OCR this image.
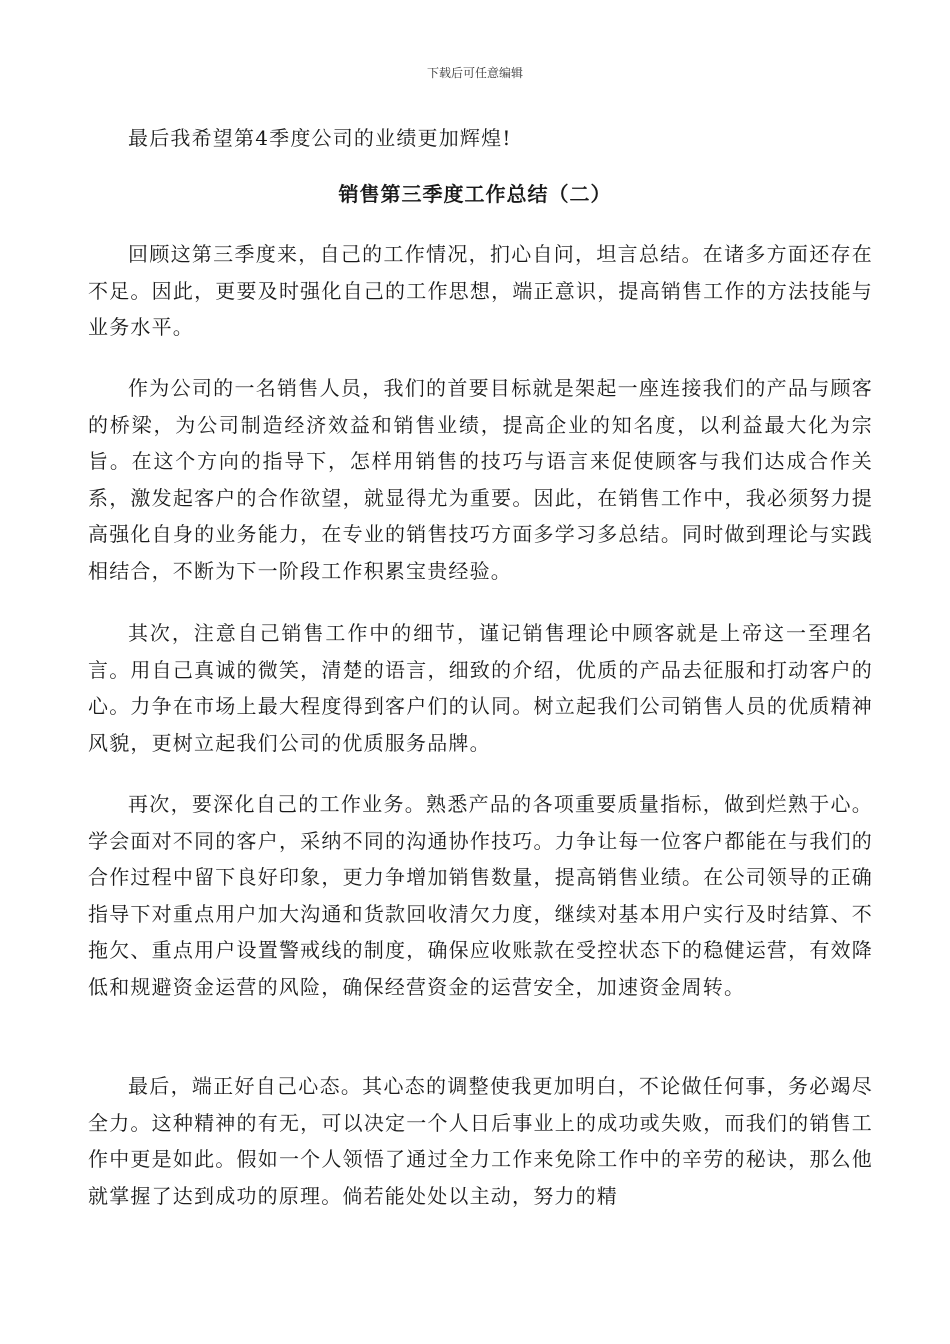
下载后可任意编辑

最后我希望第4季度公司的业绩更加辉煌!

销售第三季度工作总结（二）

回顾这第三季度来，自己的工作情况，扪心自问，坦言总结。在诸多方面还存在不足。因此，更要及时强化自己的工作思想，端正意识，提高销售工作的方法技能与业务水平。

作为公司的一名销售人员，我们的首要目标就是架起一座连接我们的产品与顾客的桥梁，为公司制造经济效益和销售业绩，提高企业的知名度，以利益最大化为宗旨。在这个方向的指导下，怎样用销售的技巧与语言来促使顾客与我们达成合作关系，激发起客户的合作欲望，就显得尤为重要。因此，在销售工作中，我必须努力提高强化自身的业务能力，在专业的销售技巧方面多学习多总结。同时做到理论与实践相结合，不断为下一阶段工作积累宝贵经验。

其次，注意自己销售工作中的细节，谨记销售理论中顾客就是上帝这一至理名言。用自己真诚的微笑，清楚的语言，细致的介绍，优质的产品去征服和打动客户的心。力争在市场上最大程度得到客户们的认同。树立起我们公司销售人员的优质精神风貌，更树立起我们公司的优质服务品牌。

再次，要深化自己的工作业务。熟悉产品的各项重要质量指标，做到烂熟于心。学会面对不同的客户，采纳不同的沟通协作技巧。力争让每一位客户都能在与我们的合作过程中留下良好印象，更力争增加销售数量，提高销售业绩。在公司领导的正确指导下对重点用户加大沟通和货款回收清欠力度，继续对基本用户实行及时结算、不拖欠、重点用户设置警戒线的制度，确保应收账款在受控状态下的稳健运营，有效降低和规避资金运营的风险，确保经营资金的运营安全，加速资金周转。

最后，端正好自己心态。其心态的调整使我更加明白，不论做任何事，务必竭尽全力。这种精神的有无，可以决定一个人日后事业上的成功或失败，而我们的销售工作中更是如此。假如一个人领悟了通过全力工作来免除工作中的辛劳的秘诀，那么他就掌握了达到成功的原理。倘若能处处以主动，努力的精
